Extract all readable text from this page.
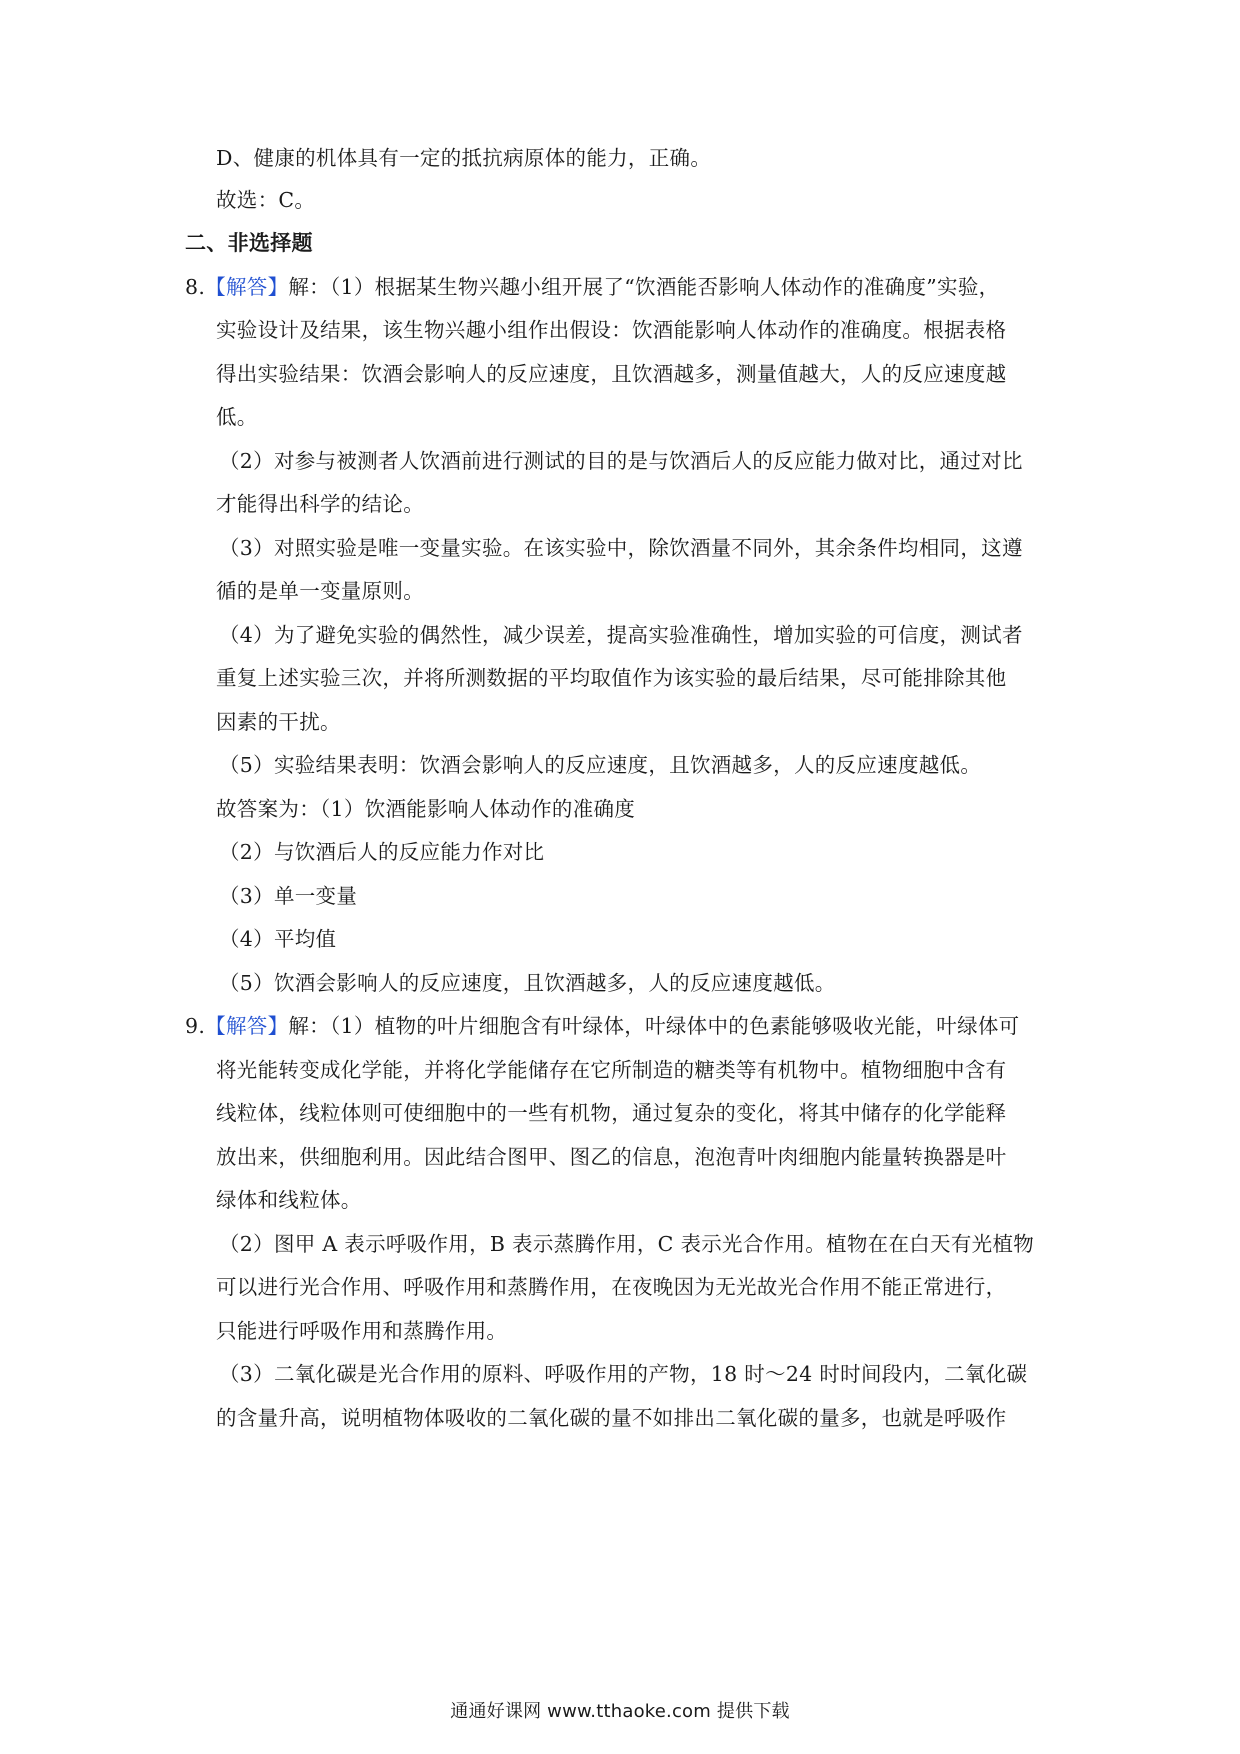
D、健康的机体具有一定的抵抗病原体的能力，正确。
故选：C。
二、非选择题
8.【解答】解：（1）根据某生物兴趣小组开展了“饮酒能否影响人体动作的准确度”实验，
实验设计及结果，该生物兴趣小组作出假设：饮酒能影响人体动作的准确度。根据表格
得出实验结果：饮酒会影响人的反应速度，且饮酒越多，测量值越大，人的反应速度越
低。
（2）对参与被测者人饮酒前进行测试的目的是与饮酒后人的反应能力做对比，通过对比
才能得出科学的结论。
（3）对照实验是唯一变量实验。在该实验中，除饮酒量不同外，其余条件均相同，这遵
循的是单一变量原则。
（4）为了避免实验的偶然性，减少误差，提高实验准确性，增加实验的可信度，测试者
重复上述实验三次，并将所测数据的平均取值作为该实验的最后结果，尽可能排除其他
因素的干扰。
（5）实验结果表明：饮酒会影响人的反应速度，且饮酒越多，人的反应速度越低。
故答案为：（1）饮酒能影响人体动作的准确度
（2）与饮酒后人的反应能力作对比
（3）单一变量
（4）平均值
（5）饮酒会影响人的反应速度，且饮酒越多，人的反应速度越低。
9.【解答】解：（1）植物的叶片细胞含有叶绿体，叶绿体中的色素能够吸收光能，叶绿体可
将光能转变成化学能，并将化学能储存在它所制造的糖类等有机物中。植物细胞中含有
线粒体，线粒体则可使细胞中的一些有机物，通过复杂的变化，将其中储存的化学能释
放出来，供细胞利用。因此结合图甲、图乙的信息，泡泡青叶肉细胞内能量转换器是叶
绿体和线粒体。
（2）图甲 A 表示呼吸作用，B 表示蒸腾作用，C 表示光合作用。植物在在白天有光植物
可以进行光合作用、呼吸作用和蒸腾作用，在夜晚因为无光故光合作用不能正常进行，
只能进行呼吸作用和蒸腾作用。
（3）二氧化碳是光合作用的原料、呼吸作用的产物，18 时～24 时时间段内，二氧化碳
的含量升高，说明植物体吸收的二氧化碳的量不如排出二氧化碳的量多，也就是呼吸作
通通好课网 www.tthaoke.com 提供下载
